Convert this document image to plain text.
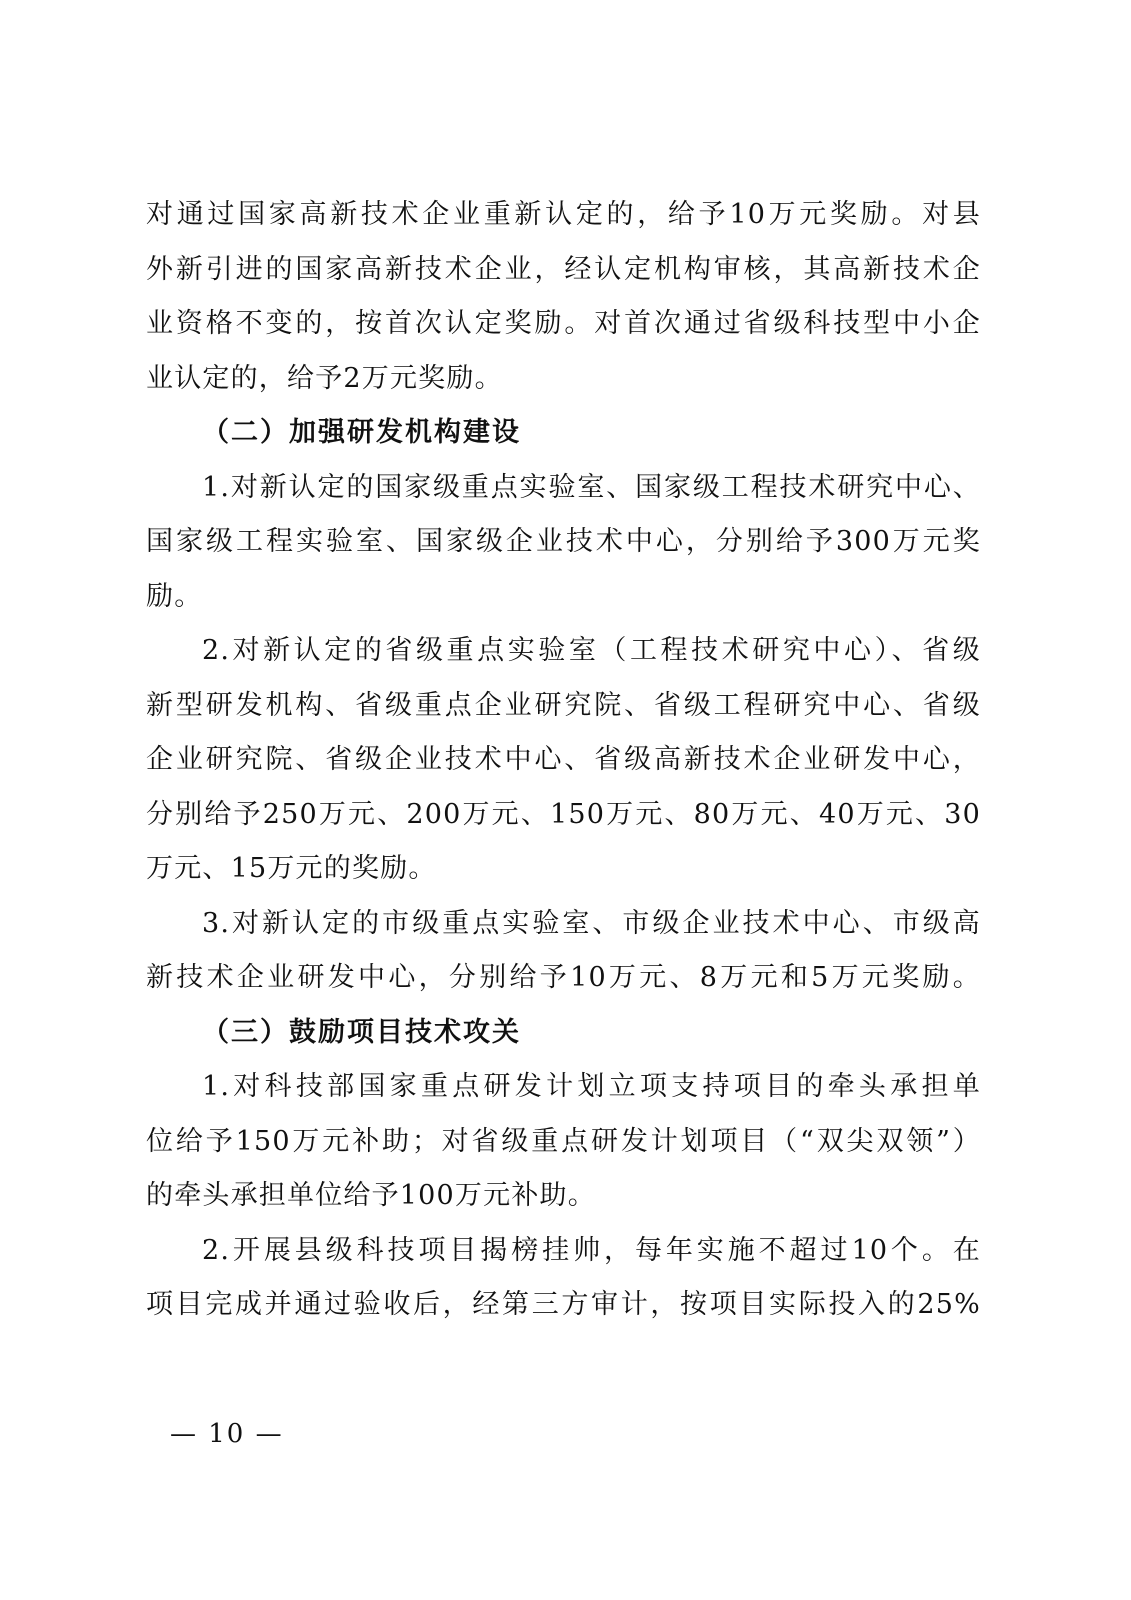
对通过国家高新技术企业重新认定的，给予10万元奖励。对县
外新引进的国家高新技术企业，经认定机构审核，其高新技术企
业资格不变的，按首次认定奖励。对首次通过省级科技型中小企
业认定的，给予2万元奖励。
（二）加强研发机构建设
1.对新认定的国家级重点实验室、国家级工程技术研究中心、
国家级工程实验室、国家级企业技术中心，分别给予300万元奖
励。
2.对新认定的省级重点实验室（工程技术研究中心）、省级
新型研发机构、省级重点企业研究院、省级工程研究中心、省级
企业研究院、省级企业技术中心、省级高新技术企业研发中心，
分别给予250万元、200万元、150万元、80万元、40万元、30
万元、15万元的奖励。
3.对新认定的市级重点实验室、市级企业技术中心、市级高
新技术企业研发中心，分别给予10万元、8万元和5万元奖励。
（三）鼓励项目技术攻关
1.对科技部国家重点研发计划立项支持项目的牵头承担单
位给予150万元补助；对省级重点研发计划项目（“双尖双领”）
的牵头承担单位给予100万元补助。
2.开展县级科技项目揭榜挂帅，每年实施不超过10个。在
项目完成并通过验收后，经第三方审计，按项目实际投入的25%
— 10 —
